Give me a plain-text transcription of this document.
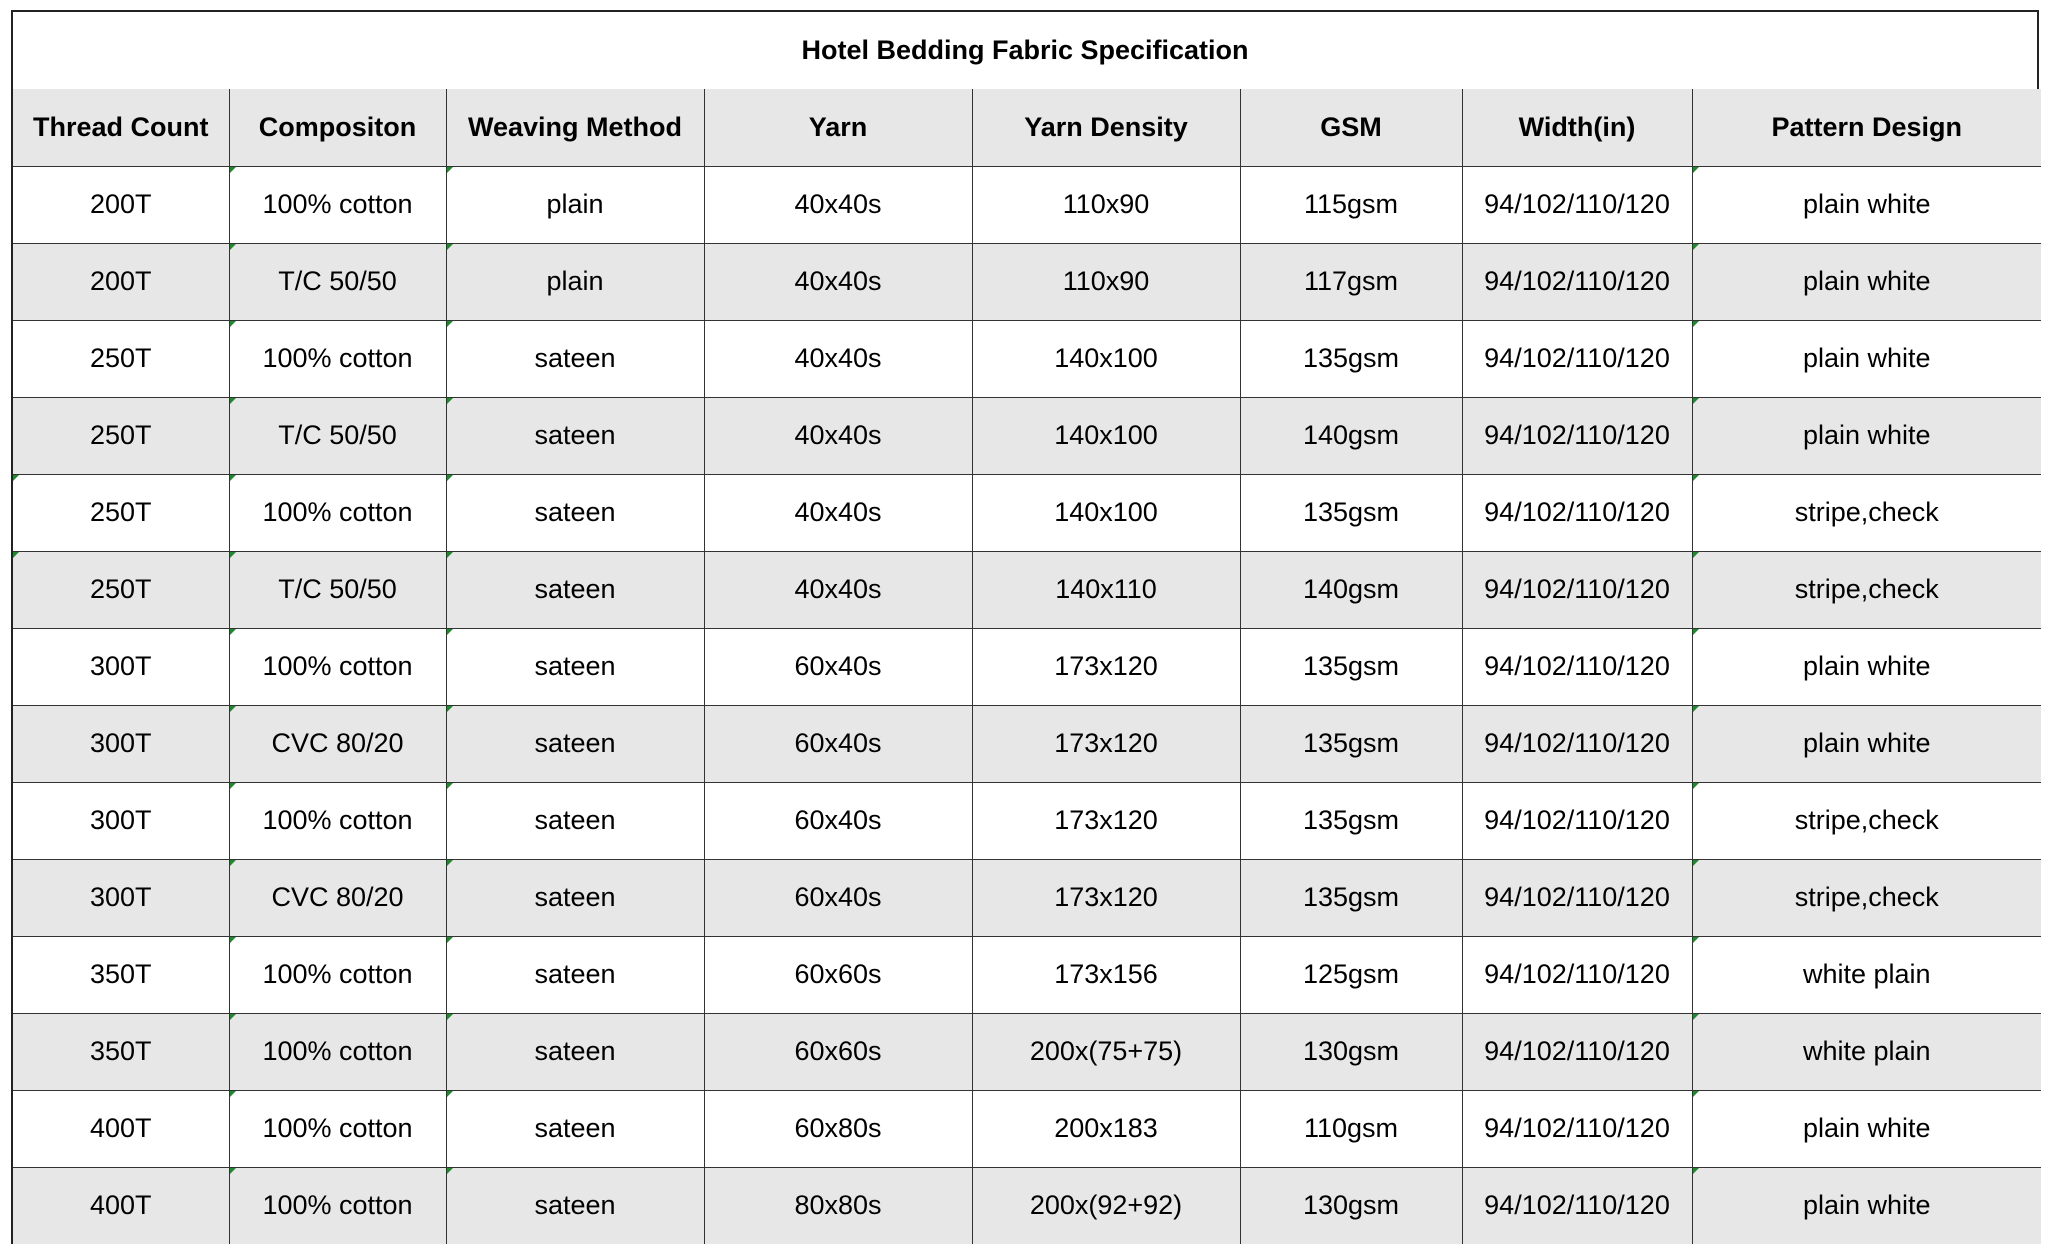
Hotel Bedding Fabric Specification
Thread Count	Compositon	Weaving Method	Yarn	Yarn Density	GSM	Width(in)	Pattern Design
200T	100% cotton	plain	40x40s	110x90	115gsm	94/102/110/120	plain white

200T	T/C 50/50	plain	40x40s	110x90	117gsm	94/102/110/120	plain white

250T	100% cotton	sateen	40x40s	140x100	135gsm	94/102/110/120	plain white

250T	T/C 50/50	sateen	40x40s	140x100	140gsm	94/102/110/120	plain white

250T	100% cotton	sateen	40x40s	140x100	135gsm	94/102/110/120	stripe,check

250T	T/C 50/50	sateen	40x40s	140x110	140gsm	94/102/110/120	stripe,check

300T	100% cotton	sateen	60x40s	173x120	135gsm	94/102/110/120	plain white

300T	CVC 80/20	sateen	60x40s	173x120	135gsm	94/102/110/120	plain white

300T	100% cotton	sateen	60x40s	173x120	135gsm	94/102/110/120	stripe,check

300T	CVC 80/20	sateen	60x40s	173x120	135gsm	94/102/110/120	stripe,check

350T	100% cotton	sateen	60x60s	173x156	125gsm	94/102/110/120	white plain

350T	100% cotton	sateen	60x60s	200x(75+75)	130gsm	94/102/110/120	white plain

400T	100% cotton	sateen	60x80s	200x183	110gsm	94/102/110/120	plain white

400T	100% cotton	sateen	80x80s	200x(92+92)	130gsm	94/102/110/120	plain white
